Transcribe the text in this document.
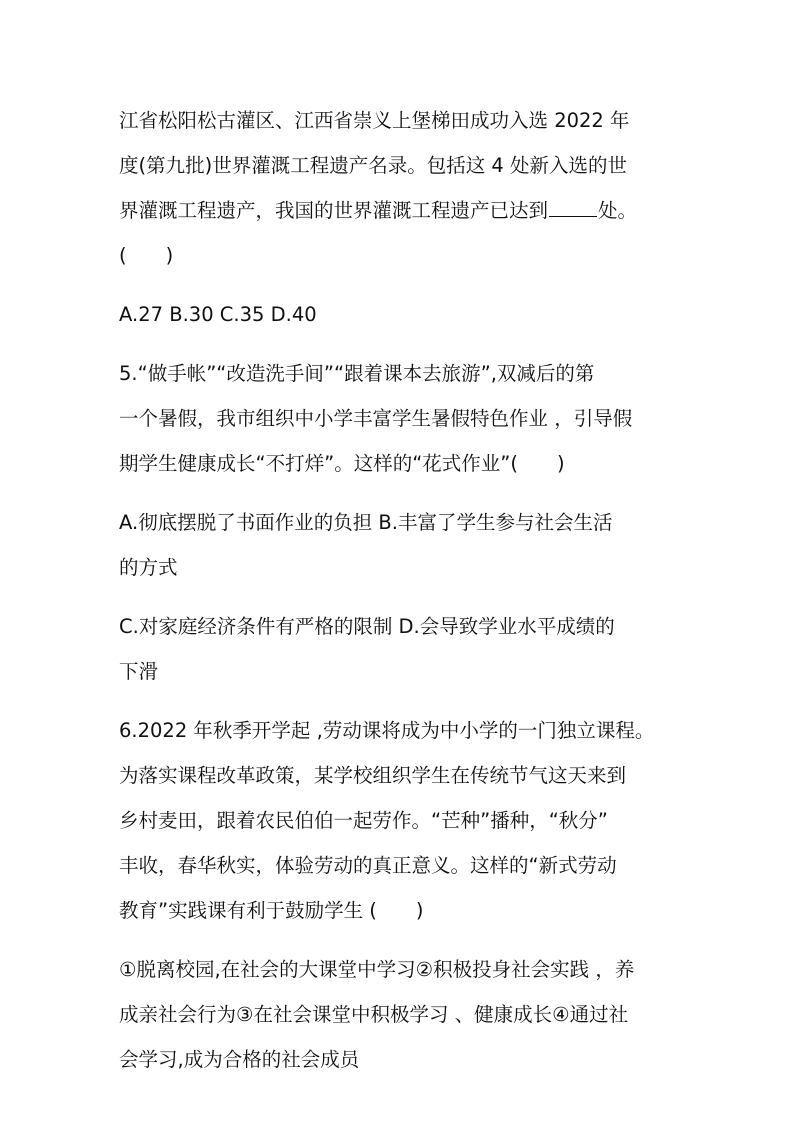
江省松阳松古灌区、江西省崇义上堡梯田成功入选 2022 年
度(第九批)世界灌溉工程遗产名录。包括这 4 处新入选的世
界灌溉工程遗产，我国的世界灌溉工程遗产已达到	处。
(　　)

A.27 B.30 C.35 D.40

5.“做手帐”“改造洗手间”“跟着课本去旅游”,双减后的第
一个暑假，我市组织中小学丰富学生暑假特色作业 ，引导假
期学生健康成长“不打烊”。这样的“花式作业”(　　)

A.彻底摆脱了书面作业的负担 B.丰富了学生参与社会生活
的方式

C.对家庭经济条件有严格的限制 D.会导致学业水平成绩的
下滑

6.2022 年秋季开学起 ,劳动课将成为中小学的一门独立课程。
为落实课程改革政策，某学校组织学生在传统节气这天来到
乡村麦田，跟着农民伯伯一起劳作。“芒种”播种，“秋分”
丰收，春华秋实，体验劳动的真正意义。这样的“新式劳动
教育”实践课有利于鼓励学生 (　　)

①脱离校园,在社会的大课堂中学习②积极投身社会实践 ，养
成亲社会行为③在社会课堂中积极学习 、健康成长④通过社
会学习,成为合格的社会成员
